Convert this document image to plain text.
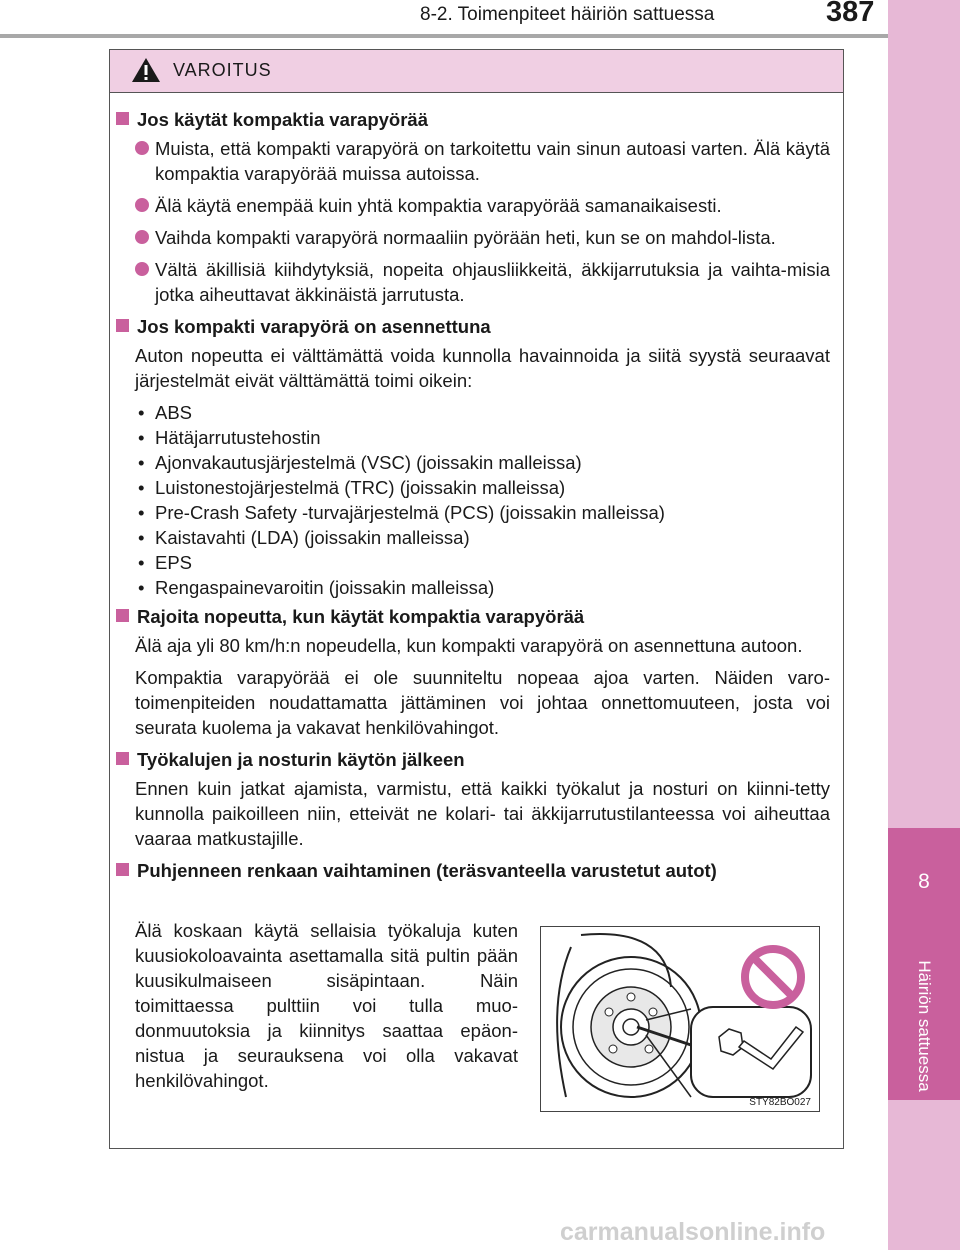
8-2. Toimenpiteet häiriön sattuessa	387
8
Häiriön sattuessa
VAROITUS
Jos käytät kompaktia varapyörää
Muista, että kompakti varapyörä on tarkoitettu vain sinun autoasi varten. Älä käytä kompaktia varapyörää muissa autoissa.
Älä käytä enempää kuin yhtä kompaktia varapyörää samanaikaisesti.
Vaihda kompakti varapyörä normaaliin pyörään heti, kun se on mahdol-lista.
Vältä äkillisiä kiihdytyksiä, nopeita ohjausliikkeitä, äkkijarrutuksia ja vaihta-misia jotka aiheuttavat äkkinäistä jarrutusta.
Jos kompakti varapyörä on asennettuna
Auton nopeutta ei välttämättä voida kunnolla havainnoida ja siitä syystä seuraavat järjestelmät eivät välttämättä toimi oikein:
• ABS
• Hätäjarrutustehostin
• Ajonvakautusjärjestelmä (VSC) (joissakin malleissa)
• Luistonestojärjestelmä (TRC) (joissakin malleissa)
• Pre-Crash Safety -turvajärjestelmä (PCS) (joissakin malleissa)
• Kaistavahti (LDA) (joissakin malleissa)
• EPS
• Rengaspainevaroitin (joissakin malleissa)
Rajoita nopeutta, kun käytät kompaktia varapyörää
Älä aja yli 80 km/h:n nopeudella, kun kompakti varapyörä on asennettuna autoon.
Kompaktia varapyörää ei ole suunniteltu nopeaa ajoa varten. Näiden varo-toimenpiteiden noudattamatta jättäminen voi johtaa onnettomuuteen, josta voi seurata kuolema ja vakavat henkilövahingot.
Työkalujen ja nosturin käytön jälkeen
Ennen kuin jatkat ajamista, varmistu, että kaikki työkalut ja nosturi on kiinni-tetty kunnolla paikoilleen niin, etteivät ne kolari- tai äkkijarrutustilanteessa voi aiheuttaa vaaraa matkustajille.
Puhjenneen renkaan vaihtaminen (teräsvanteella varustetut autot)
Älä koskaan käytä sellaisia työkaluja kuten kuusiokoloavainta asettamalla sitä pultin pään kuusikulmaiseen sisäpintaan. Näin toimittaessa pulttiin voi tulla muo-donmuutoksia ja kiinnitys saattaa epäon-nistua ja seurauksena voi olla vakavat henkilövahingot.
STY82BO027
carmanualsonline.info
